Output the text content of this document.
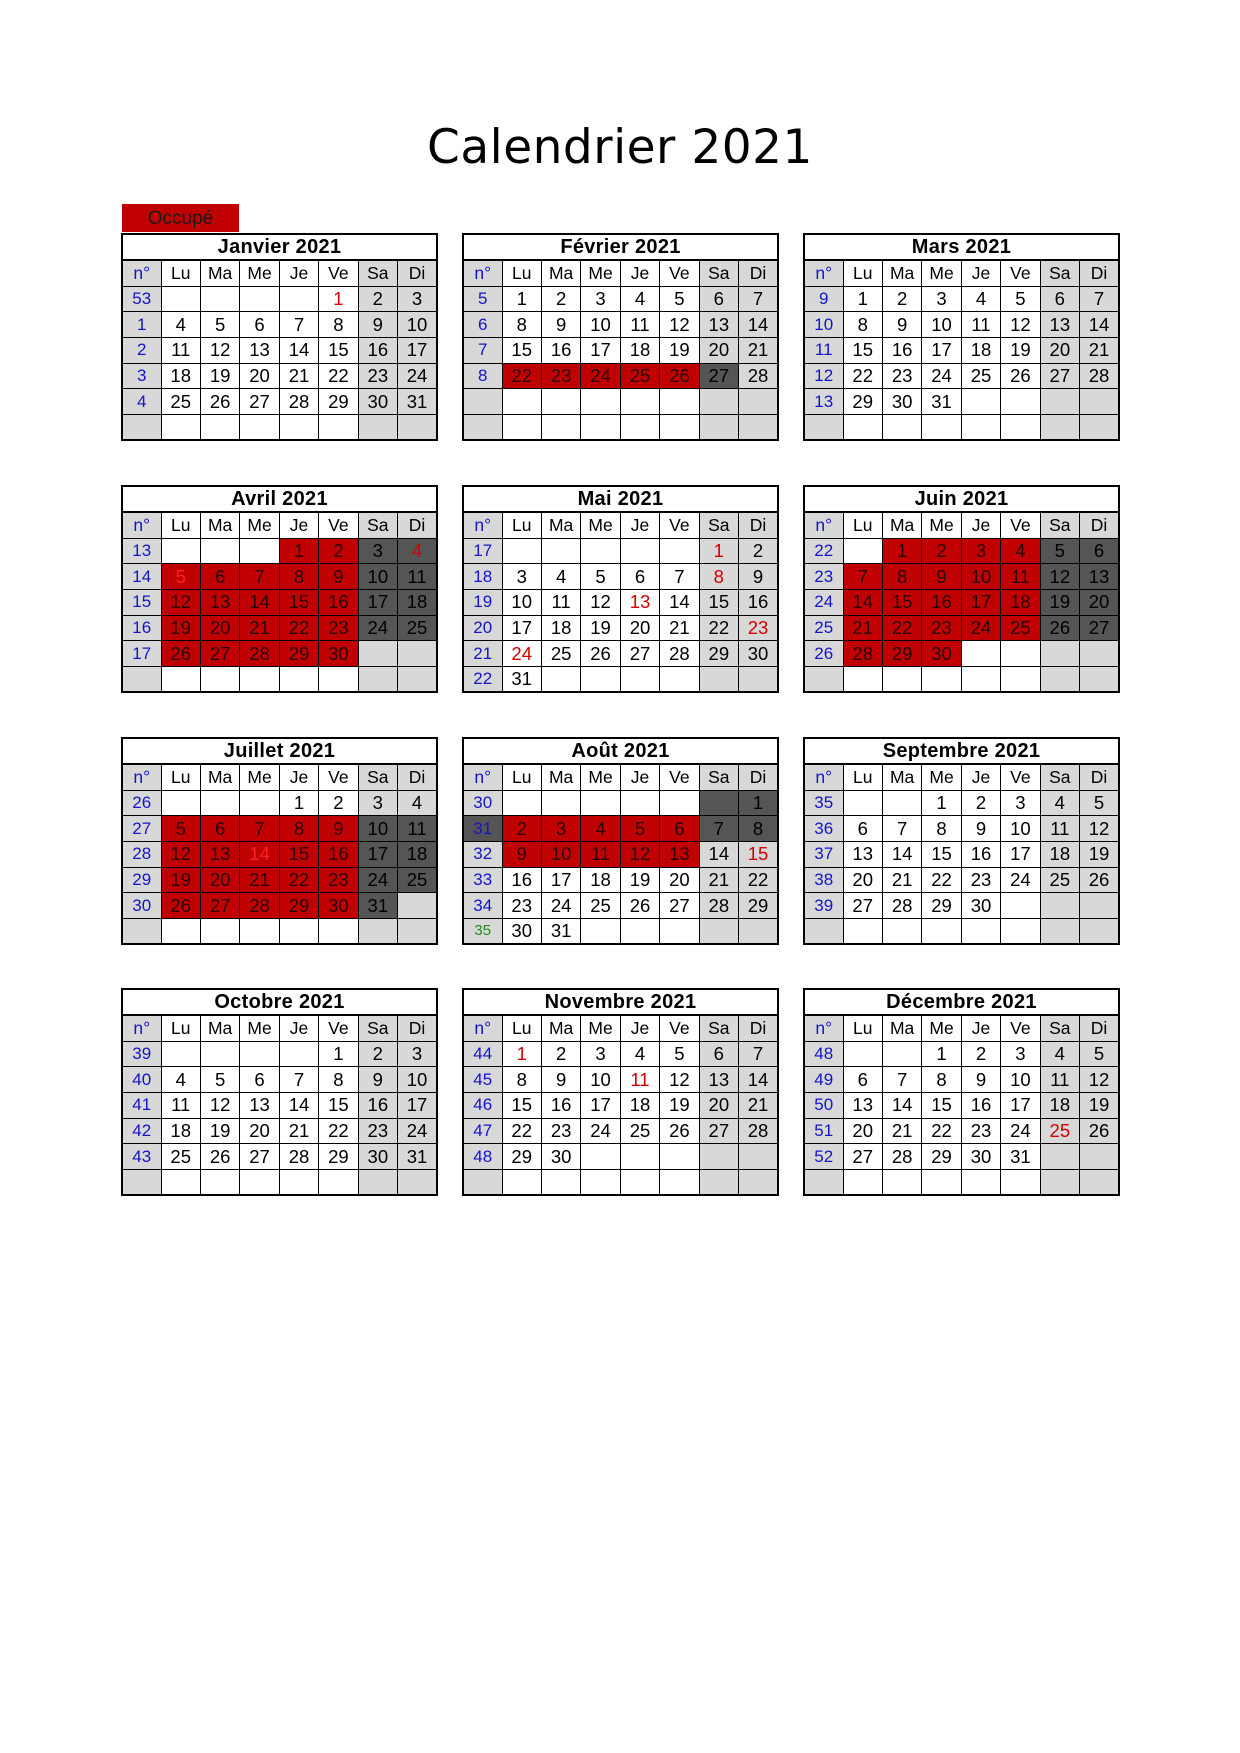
Calendrier 2021
Occupé
Janvier 2021
n°	Lu	Ma	Me	Je	Ve	Sa	Di
53					1	2	3
1	4	5	6	7	8	9	10
2	11	12	13	14	15	16	17
3	18	19	20	21	22	23	24
4	25	26	27	28	29	30	31

Février 2021
n°	Lu	Ma	Me	Je	Ve	Sa	Di
5	1	2	3	4	5	6	7
6	8	9	10	11	12	13	14
7	15	16	17	18	19	20	21
8	22	23	24	25	26	27	28

Mars 2021
n°	Lu	Ma	Me	Je	Ve	Sa	Di
9	1	2	3	4	5	6	7
10	8	9	10	11	12	13	14
11	15	16	17	18	19	20	21
12	22	23	24	25	26	27	28
13	29	30	31				

Avril 2021
n°	Lu	Ma	Me	Je	Ve	Sa	Di
13				1	2	3	4
14	5	6	7	8	9	10	11
15	12	13	14	15	16	17	18
16	19	20	21	22	23	24	25
17	26	27	28	29	30		

Mai 2021
n°	Lu	Ma	Me	Je	Ve	Sa	Di
17						1	2
18	3	4	5	6	7	8	9
19	10	11	12	13	14	15	16
20	17	18	19	20	21	22	23
21	24	25	26	27	28	29	30
22	31						
Juin 2021
n°	Lu	Ma	Me	Je	Ve	Sa	Di
22		1	2	3	4	5	6
23	7	8	9	10	11	12	13
24	14	15	16	17	18	19	20
25	21	22	23	24	25	26	27
26	28	29	30				

Juillet 2021
n°	Lu	Ma	Me	Je	Ve	Sa	Di
26				1	2	3	4
27	5	6	7	8	9	10	11
28	12	13	14	15	16	17	18
29	19	20	21	22	23	24	25
30	26	27	28	29	30	31	

Août 2021
n°	Lu	Ma	Me	Je	Ve	Sa	Di
30							1
31	2	3	4	5	6	7	8
32	9	10	11	12	13	14	15
33	16	17	18	19	20	21	22
34	23	24	25	26	27	28	29
35	30	31					
Septembre 2021
n°	Lu	Ma	Me	Je	Ve	Sa	Di
35			1	2	3	4	5
36	6	7	8	9	10	11	12
37	13	14	15	16	17	18	19
38	20	21	22	23	24	25	26
39	27	28	29	30			

Octobre 2021
n°	Lu	Ma	Me	Je	Ve	Sa	Di
39					1	2	3
40	4	5	6	7	8	9	10
41	11	12	13	14	15	16	17
42	18	19	20	21	22	23	24
43	25	26	27	28	29	30	31

Novembre 2021
n°	Lu	Ma	Me	Je	Ve	Sa	Di
44	1	2	3	4	5	6	7
45	8	9	10	11	12	13	14
46	15	16	17	18	19	20	21
47	22	23	24	25	26	27	28
48	29	30					

Décembre 2021
n°	Lu	Ma	Me	Je	Ve	Sa	Di
48			1	2	3	4	5
49	6	7	8	9	10	11	12
50	13	14	15	16	17	18	19
51	20	21	22	23	24	25	26
52	27	28	29	30	31		
